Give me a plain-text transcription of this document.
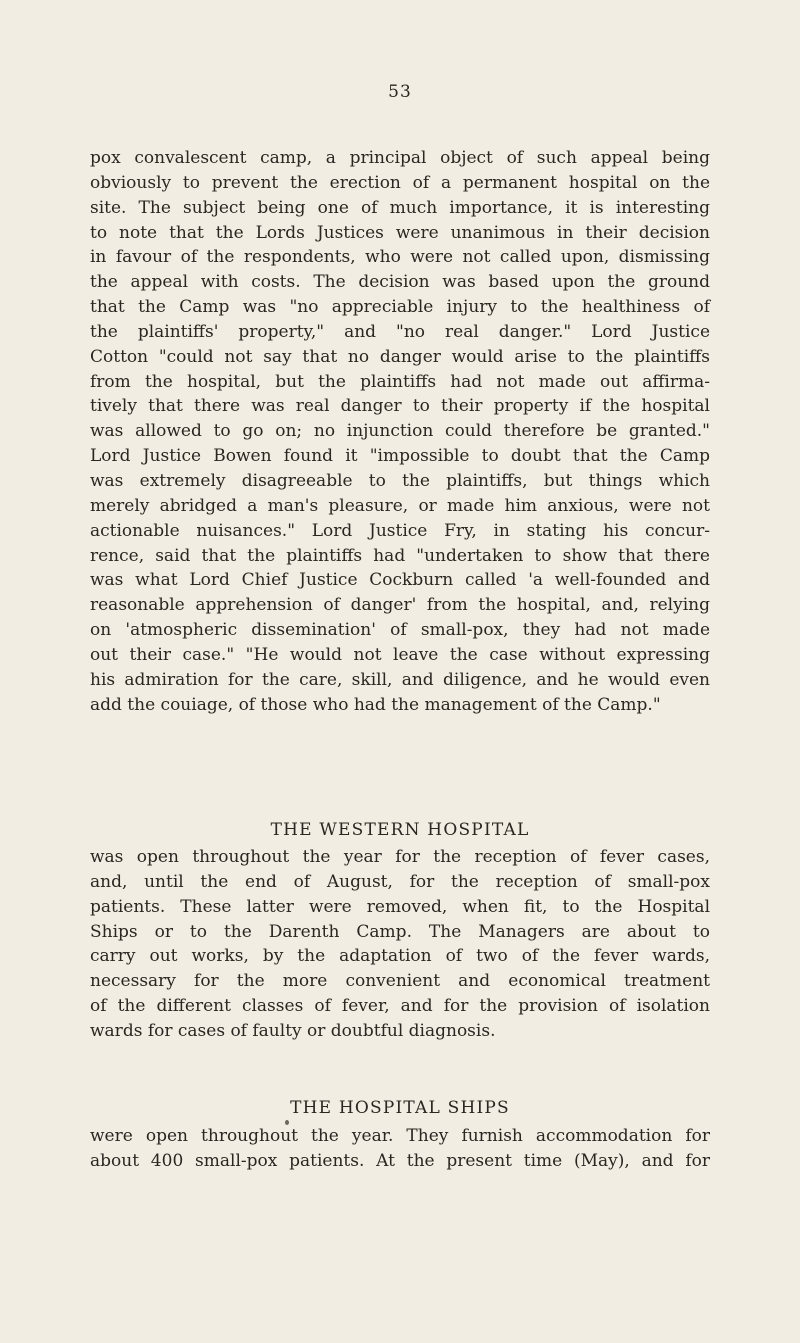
53
pox convalescent camp, a principal object of such appeal being
obviously to prevent the erection of a permanent hospital on the
site. The subject being one of much importance, it is interesting
to note that the Lords Justices were unanimous in their decision
in favour of the respondents, who were not called upon, dismissing
the appeal with costs. The decision was based upon the ground
that the Camp was "no appreciable injury to the healthiness of
the plaintiffs' property," and "no real danger." Lord Justice
Cotton "could not say that no danger would arise to the plaintiffs
from the hospital, but the plaintiffs had not made out affirma-
tively that there was real danger to their property if the hospital
was allowed to go on; no injunction could therefore be granted."
Lord Justice Bowen found it "impossible to doubt that the Camp
was extremely disagreeable to the plaintiffs, but things which
merely abridged a man's pleasure, or made him anxious, were not
actionable nuisances." Lord Justice Fry, in stating his concur-
rence, said that the plaintiffs had "undertaken to show that there
was what Lord Chief Justice Cockburn called 'a well-founded and
reasonable apprehension of danger' from the hospital, and, relying
on 'atmospheric dissemination' of small-pox, they had not made
out their case." "He would not leave the case without expressing
his admiration for the care, skill, and diligence, and he would even
add the couiage, of those who had the management of the Camp."
THE WESTERN HOSPITAL
was open throughout the year for the reception of fever cases,
and, until the end of August, for the reception of small-pox
patients. These latter were removed, when fit, to the Hospital
Ships or to the Darenth Camp. The Managers are about to
carry out works, by the adaptation of two of the fever wards,
necessary for the more convenient and economical treatment
of the different classes of fever, and for the provision of isolation
wards for cases of faulty or doubtful diagnosis.
THE HOSPITAL SHIPS
were open throughout the year. They furnish accommodation for
about 400 small-pox patients. At the present time (May), and for
